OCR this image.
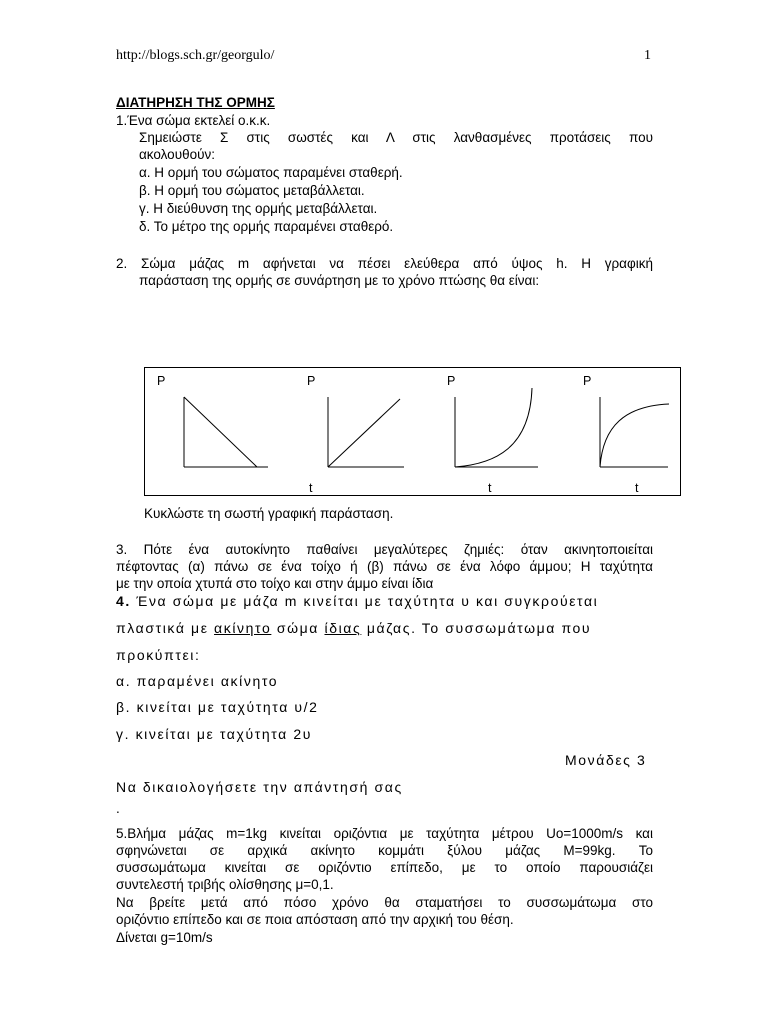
http://blogs.sch.gr/georgulo/	1
ΔΙΑΤΗΡΗΣΗ ΤΗΣ ΟΡΜΗΣ
1.Ένα σώμα εκτελεί ο.κ.κ.
Σημειώστε Σ στις σωστές και Λ στις λανθασμένες προτάσεις που
ακολουθούν:
α. Η ορμή του σώματος παραμένει σταθερή.
β. Η ορμή του σώματος μεταβάλλεται.
γ. Η διεύθυνση της ορμής μεταβάλλεται.
δ. Το μέτρο της ορμής παραμένει σταθερό.
2. Σώμα μάζας m αφήνεται να πέσει ελεύθερα από ύψος h. Η γραφική
παράσταση της ορμής σε συνάρτηση με το χρόνο πτώσης θα είναι:
P	P	P	P
t	t	t
Κυκλώστε τη σωστή γραφική παράσταση.
3. Πότε ένα αυτοκίνητο παθαίνει μεγαλύτερες ζημιές: όταν ακινητοποιείται
πέφτοντας (α) πάνω σε ένα τοίχο ή (β) πάνω σε ένα λόφο άμμου; Η ταχύτητα
με την οποία χτυπά στο τοίχο και στην άμμο είναι ίδια
4. Ένα σώμα με μάζα m κινείται με ταχύτητα υ και συγκρούεται
πλαστικά με ακίνητο σώμα ίδιας μάζας. Το συσσωμάτωμα που
προκύπτει:
α. παραμένει ακίνητο
β. κινείται με ταχύτητα υ/2
γ. κινείται με ταχύτητα 2υ
Μονάδες 3
Να δικαιολογήσετε την απάντησή σας
.
5.Βλήμα μάζας m=1kg κινείται οριζόντια με ταχύτητα μέτρου Uο=1000m/s και
σφηνώνεται σε αρχικά ακίνητο κομμάτι ξύλου μάζας Μ=99kg. Το
συσσωμάτωμα κινείται σε οριζόντιο επίπεδο, με το οποίο παρουσιάζει
συντελεστή τριβής ολίσθησης μ=0,1.
Να βρείτε μετά από πόσο χρόνο θα σταματήσει το συσσωμάτωμα στο
οριζόντιο επίπεδο και σε ποια απόσταση από την αρχική του θέση.
Δίνεται g=10m/s
